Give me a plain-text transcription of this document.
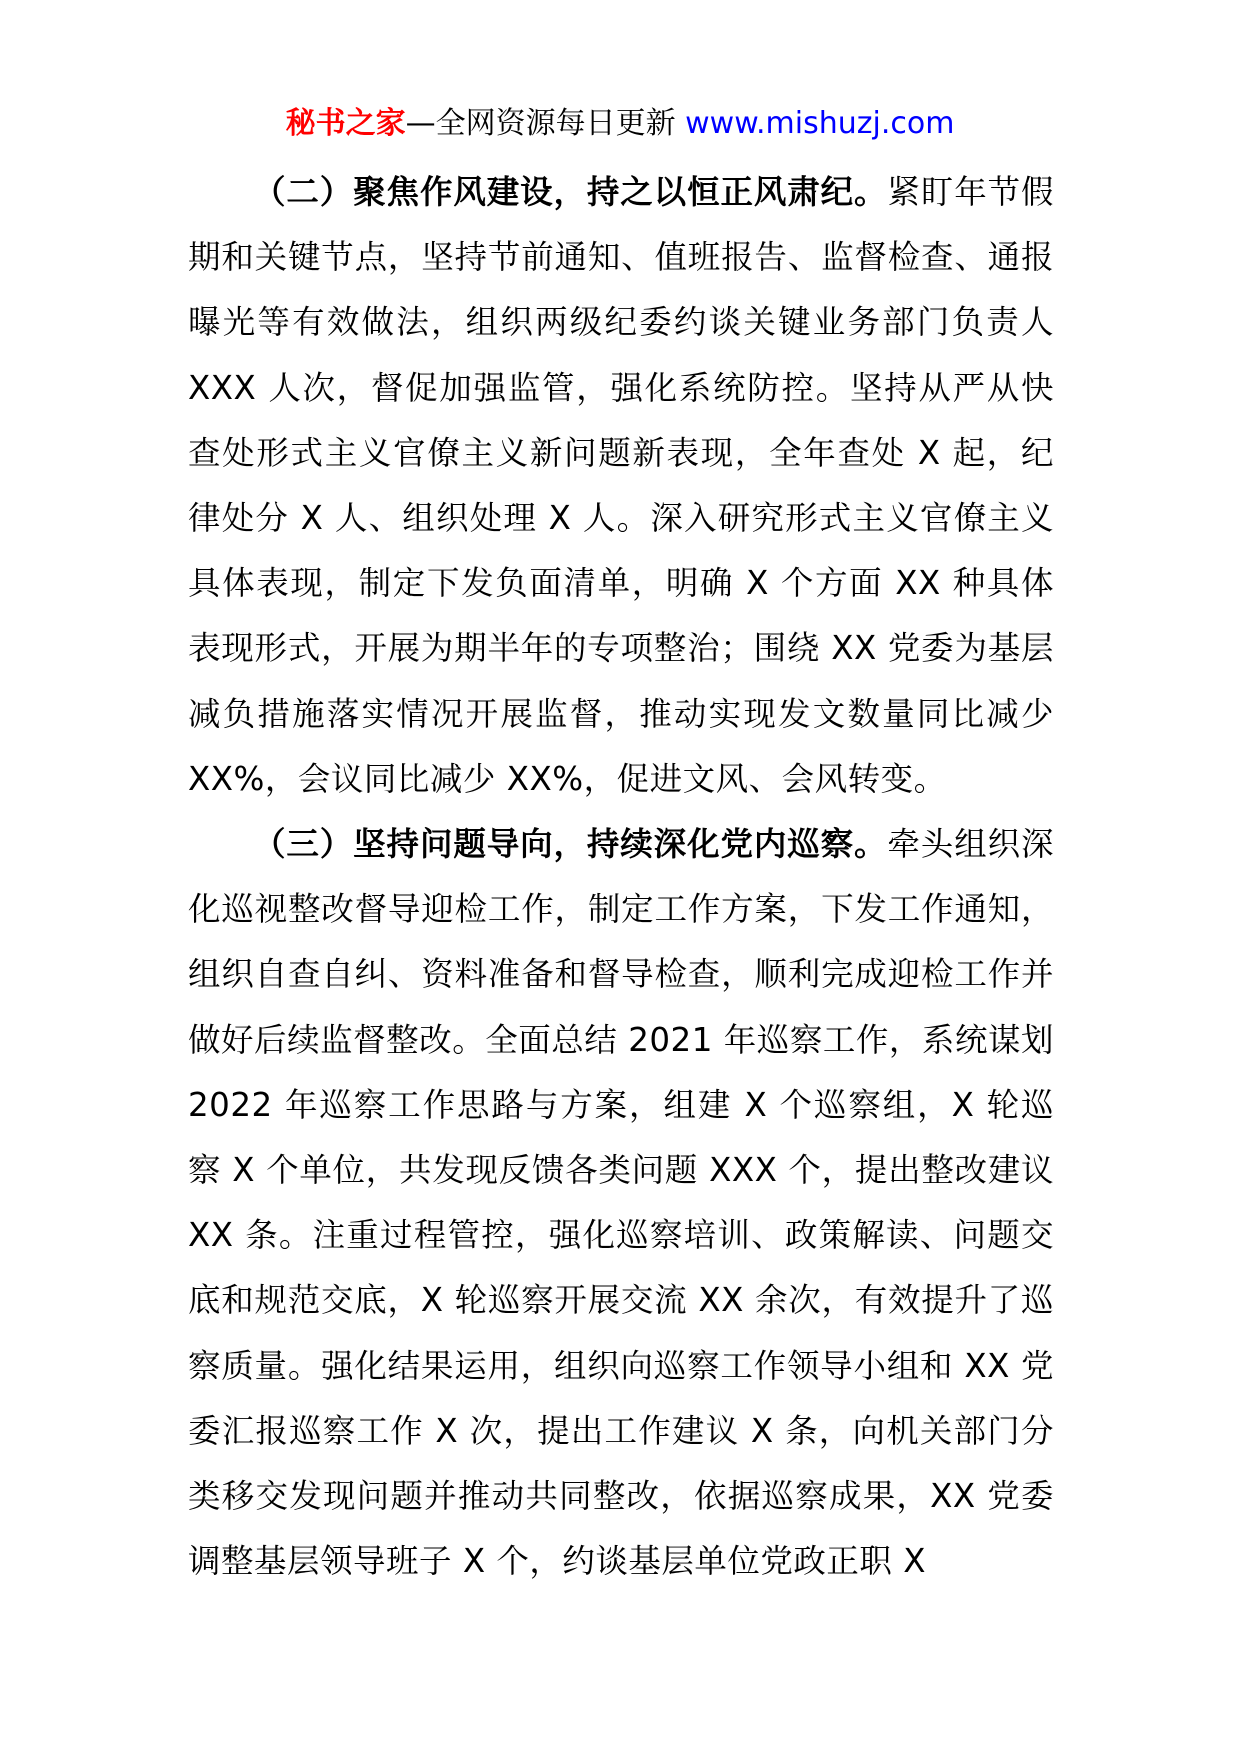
秘书之家—全网资源每日更新 www.mishuzj.com

（二）聚焦作风建设，持之以恒正风肃纪。紧盯年节假期和关键节点，坚持节前通知、值班报告、监督检查、通报曝光等有效做法，组织两级纪委约谈关键业务部门负责人 XXX 人次，督促加强监管，强化系统防控。坚持从严从快查处形式主义官僚主义新问题新表现，全年查处 X 起，纪律处分 X 人、组织处理 X 人。深入研究形式主义官僚主义具体表现，制定下发负面清单，明确 X 个方面 XX 种具体表现形式，开展为期半年的专项整治；围绕 XX 党委为基层减负措施落实情况开展监督，推动实现发文数量同比减少 XX%，会议同比减少 XX%，促进文风、会风转变。

（三）坚持问题导向，持续深化党内巡察。牵头组织深化巡视整改督导迎检工作，制定工作方案，下发工作通知，组织自查自纠、资料准备和督导检查，顺利完成迎检工作并做好后续监督整改。全面总结 2021 年巡察工作，系统谋划 2022 年巡察工作思路与方案，组建 X 个巡察组，X 轮巡察 X 个单位，共发现反馈各类问题 XXX 个，提出整改建议 XX 条。注重过程管控，强化巡察培训、政策解读、问题交底和规范交底，X 轮巡察开展交流 XX 余次，有效提升了巡察质量。强化结果运用，组织向巡察工作领导小组和 XX 党委汇报巡察工作 X 次，提出工作建议 X 条，向机关部门分类移交发现问题并推动共同整改，依据巡察成果，XX 党委调整基层领导班子 X 个，约谈基层单位党政正职 X
